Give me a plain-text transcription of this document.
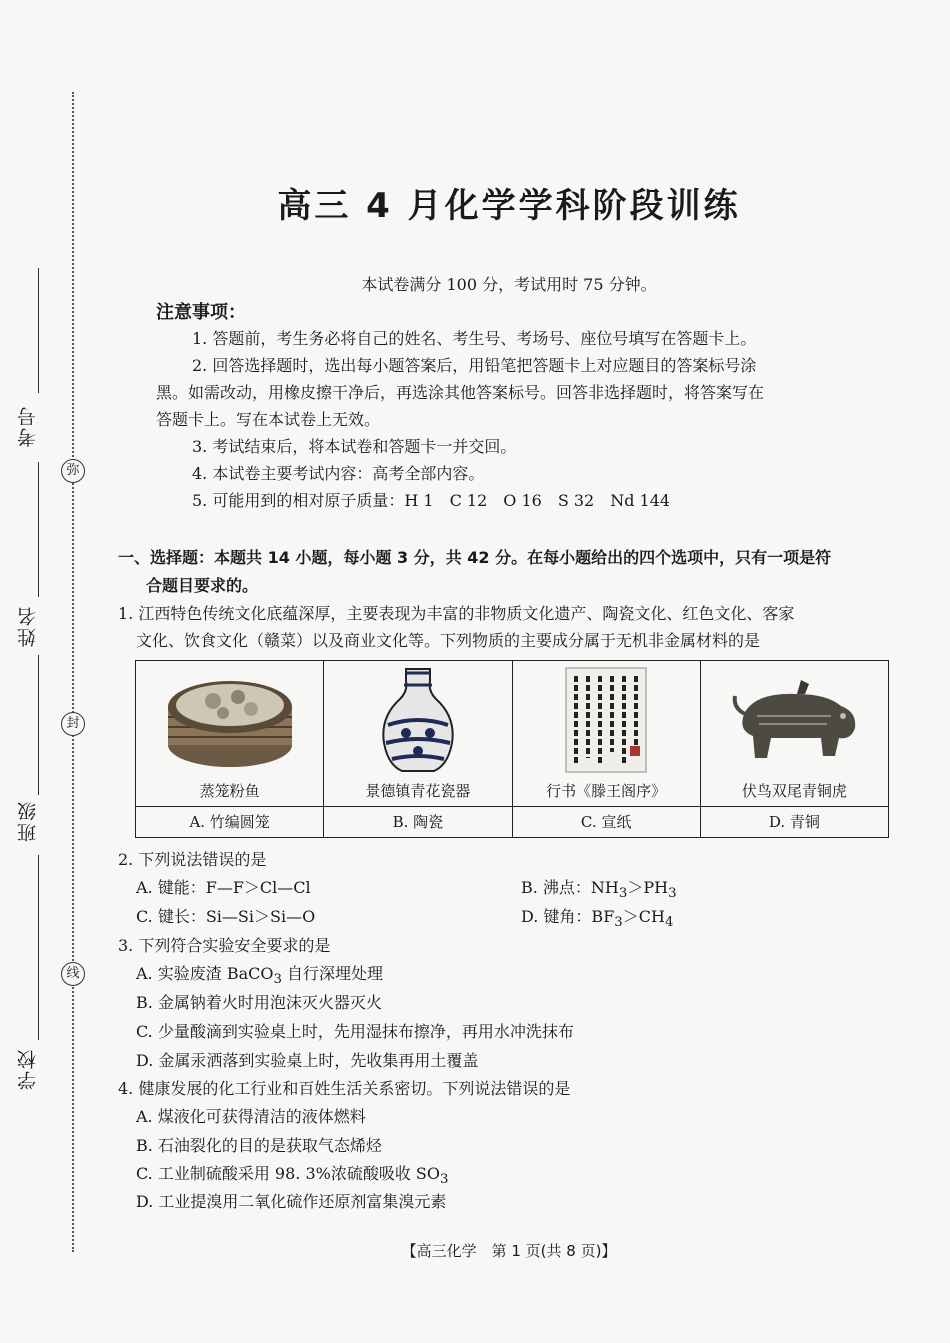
考号
姓名
班级
学校
弥
封
线
高三 4 月化学学科阶段训练
本试卷满分 100 分，考试用时 75 分钟。
注意事项：
1. 答题前，考生务必将自己的姓名、考生号、考场号、座位号填写在答题卡上。
2. 回答选择题时，选出每小题答案后，用铅笔把答题卡上对应题目的答案标号涂
黑。如需改动，用橡皮擦干净后，再选涂其他答案标号。回答非选择题时，将答案写在
答题卡上。写在本试卷上无效。
3. 考试结束后，将本试卷和答题卡一并交回。
4. 本试卷主要考试内容：高考全部内容。
5. 可能用到的相对原子质量：H 1　C 12　O 16　S 32　Nd 144
一、选择题：本题共 14 小题，每小题 3 分，共 42 分。在每小题给出的四个选项中，只有一项是符
合题目要求的。
1. 江西特色传统文化底蕴深厚，主要表现为丰富的非物质文化遗产、陶瓷文化、红色文化、客家
文化、饮食文化（赣菜）以及商业文化等。下列物质的主要成分属于无机非金属材料的是
蒸笼粉鱼	景德镇青花瓷器	行书《滕王阁序》	伏鸟双尾青铜虎

A. 竹编圆笼	B. 陶瓷	C. 宣纸	D. 青铜
2. 下列说法错误的是
A. 键能：F—F＞Cl—Cl	B. 沸点：$NH_3>PH_3$
C. 键长：Si—Si＞Si—O	D. 键角：$BF_3>CH_4$
3. 下列符合实验安全要求的是
A. 实验废渣 BaCO$_3$ 自行深埋处理
B. 金属钠着火时用泡沫灭火器灭火
C. 少量酸滴到实验桌上时，先用湿抹布擦净，再用水冲洗抹布
D. 金属汞洒落到实验桌上时，先收集再用土覆盖
4. 健康发展的化工行业和百姓生活关系密切。下列说法错误的是
A. 煤液化可获得清洁的液体燃料
B. 石油裂化的目的是获取气态烯烃
C. 工业制硫酸采用 98. 3%浓硫酸吸收 $SO_3$
D. 工业提溴用二氧化硫作还原剂富集溴元素
【高三化学　第 1 页(共 8 页)】
